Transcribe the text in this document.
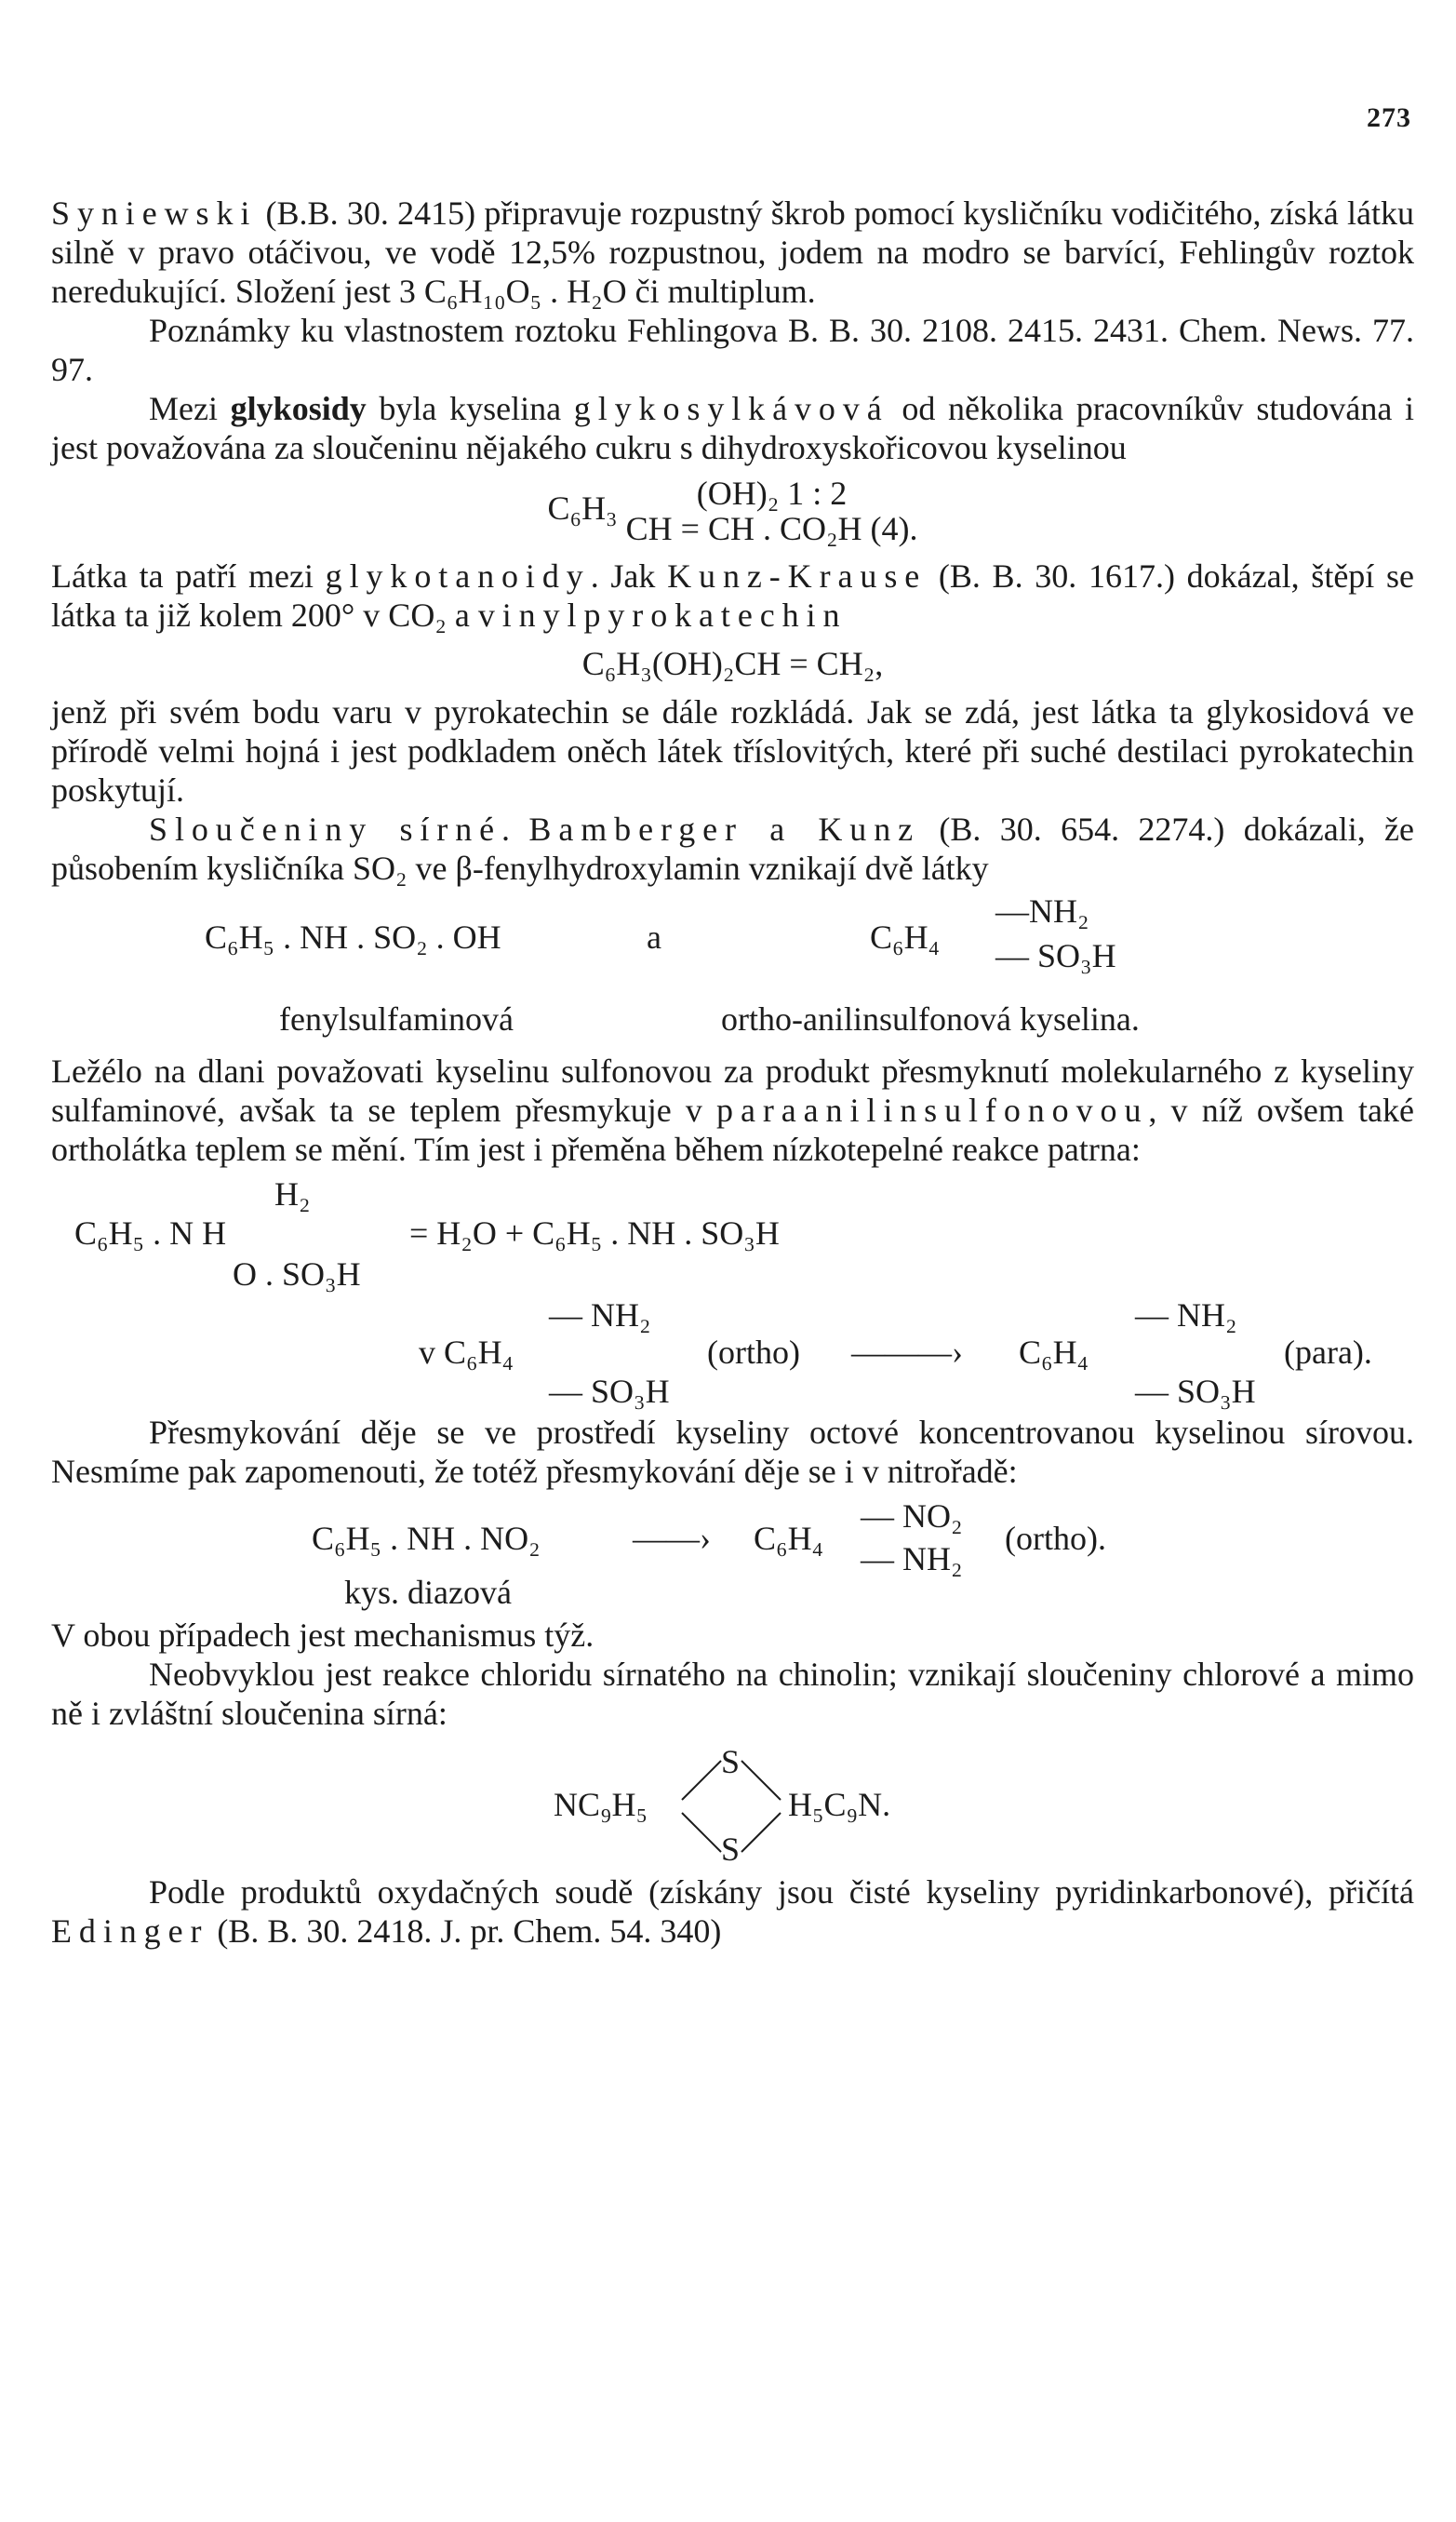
273

Syniewski (B.B. 30. 2415) připravuje rozpustný škrob pomocí kysličníku vodičitého, získá látku silně v pravo otáčivou, ve vodě 12,5% rozpustnou, jodem na modro se barvící, Fehlingův roztok neredukující. Složení jest 3 C₆H₁₀O₅ . H₂O či multiplum.

Poznámky ku vlastnostem roztoku Fehlingova B. B. 30. 2108. 2415. 2431. Chem. News. 77. 97.

Mezi glykosidy byla kyselina glykosylkávová od několika pracovníkův studována i jest považována za sloučeninu nějakého cukru s dihydroxyskořicovou kyselinou

C₆H₃	(OH)₂ 1 : 2
CH = CH . CO₂H (4).

Látka ta patří mezi glykotanoidy. Jak Kunz-Krause (B. B. 30. 1617.) dokázal, štěpí se látka ta již kolem 200° v CO₂ a vinylpyrokatechin

C₆H₃(OH)₂CH = CH₂,

jenž při svém bodu varu v pyrokatechin se dále rozkládá. Jak se zdá, jest látka ta glykosidová ve přírodě velmi hojná i jest podkladem oněch látek tříslovitých, které při suché destilaci pyrokatechin poskytují.

Sloučeniny sírné. Bamberger a Kunz (B. 30. 654. 2274.) dokázali, že působením kysličníka SO₂ ve β-fenylhydroxylamin vznikají dvě látky

C₆H₅ . NH . SO₂ . OH	a	C₆H₄
—NH₂
— SO₃H
fenylsulfaminová	ortho-anilinsulfonová kyselina.

Ležélo na dlani považovati kyselinu sulfonovou za produkt přesmyknutí molekularného z kyseliny sulfaminové, avšak ta se teplem přesmykuje v paraanilinsulfonovou, v níž ovšem také ortholátka teplem se mění. Tím jest i přeměna během nízkotepelné reakce patrna:

H₂
C₆H₅ . N H
O . SO₃H
= H₂O + C₆H₅ . NH . SO₃H
— NH₂
v C₆H₄
— SO₃H
(ortho) ———› C₆H₄
— NH₂
— SO₃H
(para).

Přesmykování děje se ve prostředí kyseliny octové koncentrovanou kyselinou sírovou. Nesmíme pak zapomenouti, že totéž přesmykování děje se i v nitrořadě:

C₆H₅ . NH . NO₂	——› C₆H₄
— NO₂
— NH₂
(ortho).
kys. diazová

V obou případech jest mechanismus týž.

Neobvyklou jest reakce chloridu sírnatého na chinolin; vznikají sloučeniny chlorové a mimo ně i zvláštní sloučenina sírná:

S
NC₉H₅	H₅C₉N.
S

Podle produktů oxydačných soudě (získány jsou čisté kyseliny pyridinkarbonové), přičítá Edinger (B. B. 30. 2418. J. pr. Chem. 54. 340)
